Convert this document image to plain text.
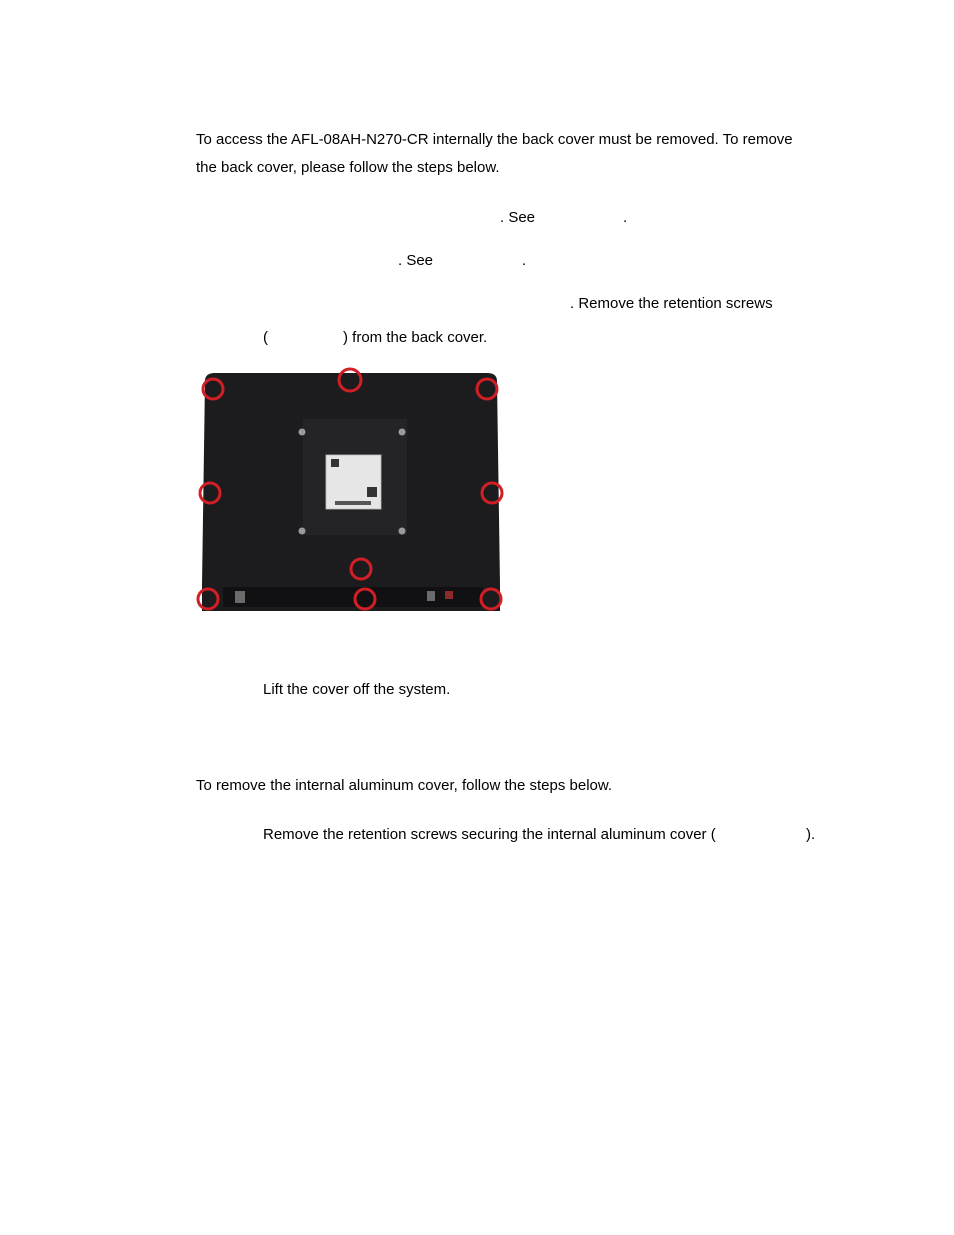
To access the AFL-08AH-N270-CR internally the back cover must be removed. To remove
the back cover, please follow the steps below.
. See	.
. See	.
. Remove the retention screws
(	) from the back cover.
Lift the cover off the system.
To remove the internal aluminum cover, follow the steps below.
Remove the retention screws securing the internal aluminum cover (	).
